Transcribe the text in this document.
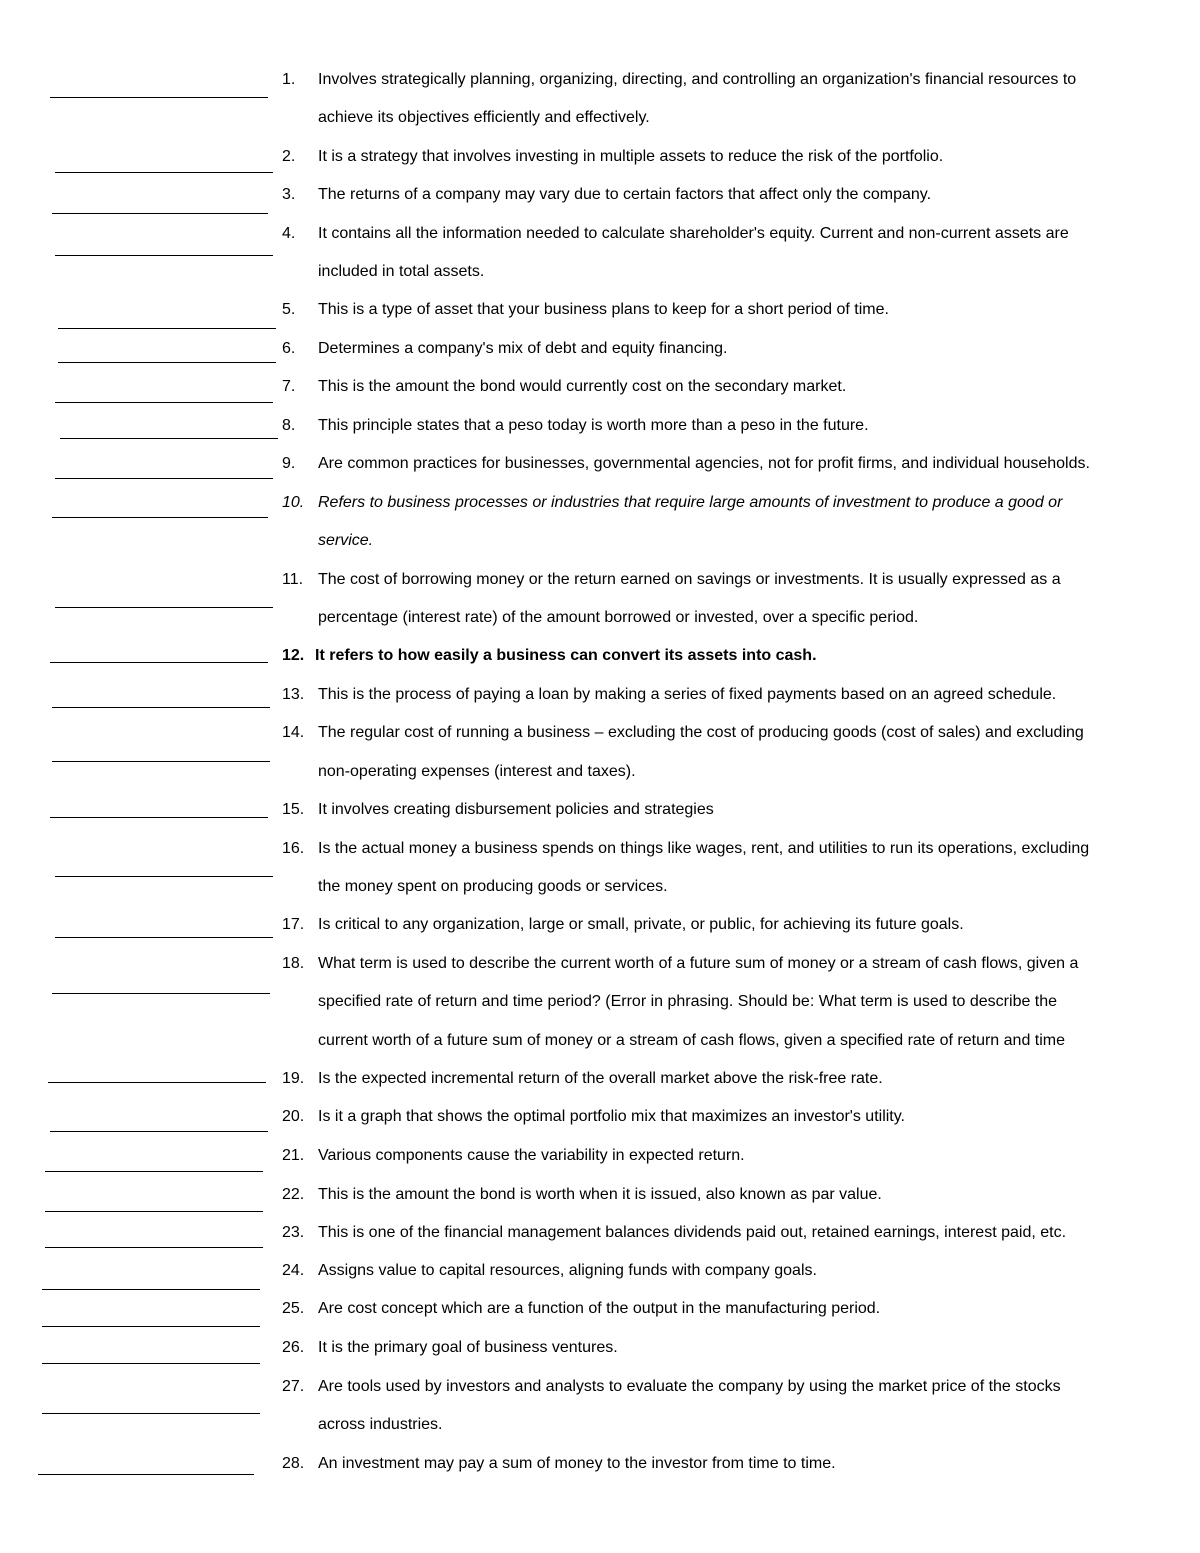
1. Involves strategically planning, organizing, directing, and controlling an organization's financial resources to
achieve its objectives efficiently and effectively.
2. It is a strategy that involves investing in multiple assets to reduce the risk of the portfolio.
3. The returns of a company may vary due to certain factors that affect only the company.
4. It contains all the information needed to calculate shareholder's equity. Current and non-current assets are
included in total assets.
5. This is a type of asset that your business plans to keep for a short period of time.
6. Determines a company's mix of debt and equity financing.
7. This is the amount the bond would currently cost on the secondary market.
8. This principle states that a peso today is worth more than a peso in the future.
9. Are common practices for businesses, governmental agencies, not for profit firms, and individual households.
10. Refers to business processes or industries that require large amounts of investment to produce a good or
service.
11. The cost of borrowing money or the return earned on savings or investments. It is usually expressed as a
percentage (interest rate) of the amount borrowed or invested, over a specific period.
12. It refers to how easily a business can convert its assets into cash.
13. This is the process of paying a loan by making a series of fixed payments based on an agreed schedule.
14. The regular cost of running a business – excluding the cost of producing goods (cost of sales) and excluding
non-operating expenses (interest and taxes).
15. It involves creating disbursement policies and strategies
16. Is the actual money a business spends on things like wages, rent, and utilities to run its operations, excluding
the money spent on producing goods or services.
17. Is critical to any organization, large or small, private, or public, for achieving its future goals.
18. What term is used to describe the current worth of a future sum of money or a stream of cash flows, given a
specified rate of return and time period? (Error in phrasing. Should be: What term is used to describe the
current worth of a future sum of money or a stream of cash flows, given a specified rate of return and time
19. Is the expected incremental return of the overall market above the risk-free rate.
20. Is it a graph that shows the optimal portfolio mix that maximizes an investor's utility.
21. Various components cause the variability in expected return.
22. This is the amount the bond is worth when it is issued, also known as par value.
23. This is one of the financial management balances dividends paid out, retained earnings, interest paid, etc.
24. Assigns value to capital resources, aligning funds with company goals.
25. Are cost concept which are a function of the output in the manufacturing period.
26. It is the primary goal of business ventures.
27. Are tools used by investors and analysts to evaluate the company by using the market price of the stocks
across industries.
28. An investment may pay a sum of money to the investor from time to time.
